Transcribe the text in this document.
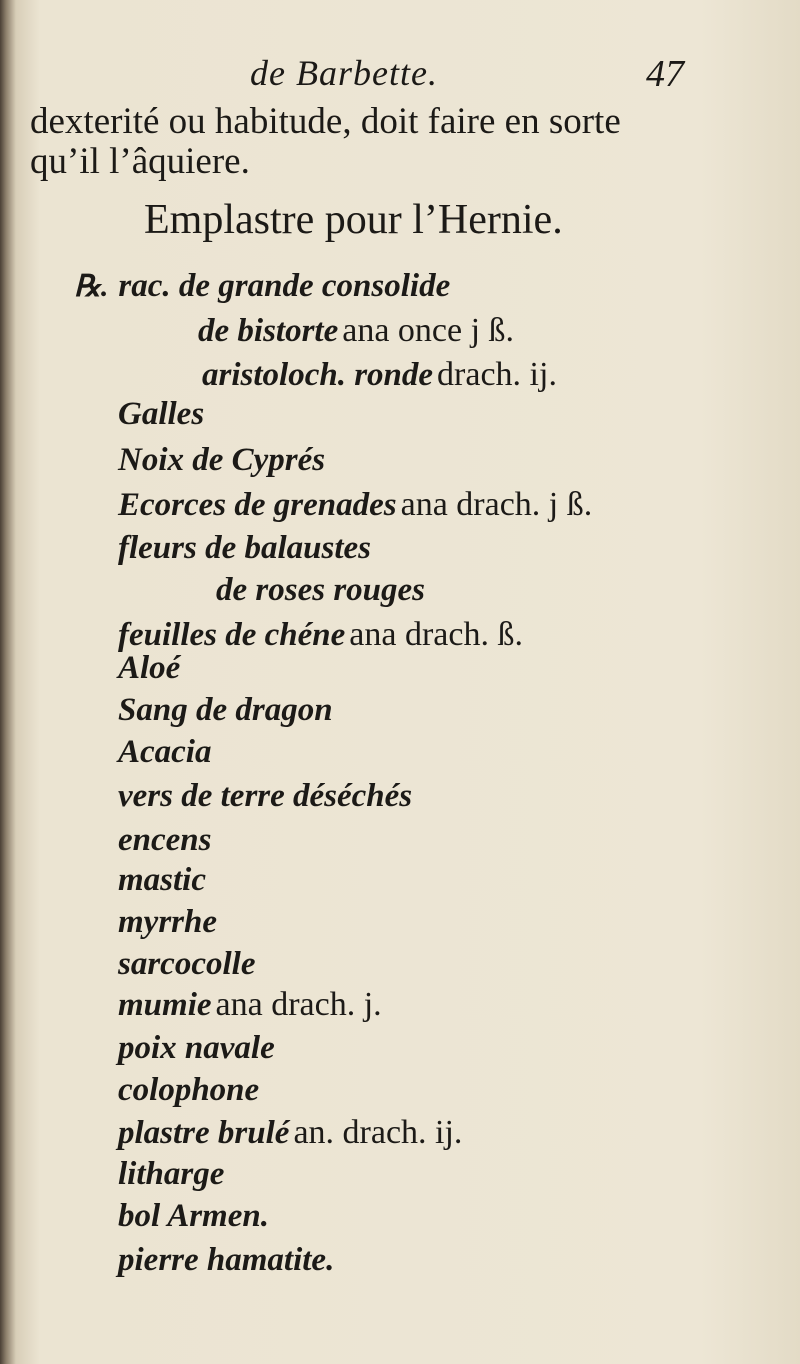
de Barbette.	47
dexterité ou habitude, doit faire en sorte
qu’il l’âquiere.
Emplastre pour l’Hernie.
℞. rac. de grande consolide
de bistorte ana once j ß.
aristoloch. ronde drach. ij.
Galles
Noix de Cyprés
Ecorces de grenades ana drach. j ß.
fleurs de balaustes
de roses rouges
feuilles de chéne ana drach. ß.
Aloé
Sang de dragon
Acacia
vers de terre déséchés
encens
mastic
myrrhe
sarcocolle
mumie ana drach. j.
poix navale
colophone
plastre brulé an. drach. ij.
litharge
bol Armen.
pierre hamatite.
